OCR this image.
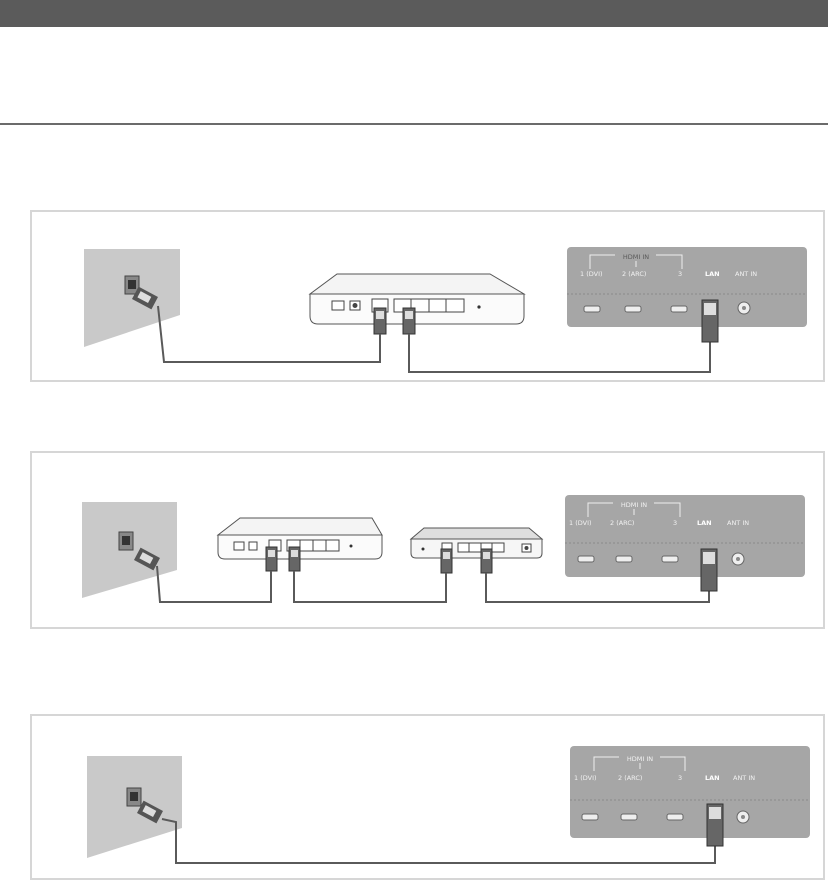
HDMI IN
1 (DVI)	2 (ARC)	3	LAN ANT IN
HDMI IN
1 (DVI)	2 (ARC)	3	LAN ANT IN
HDMI IN
1 (DVI)	2 (ARC)	3	LAN ANT IN
